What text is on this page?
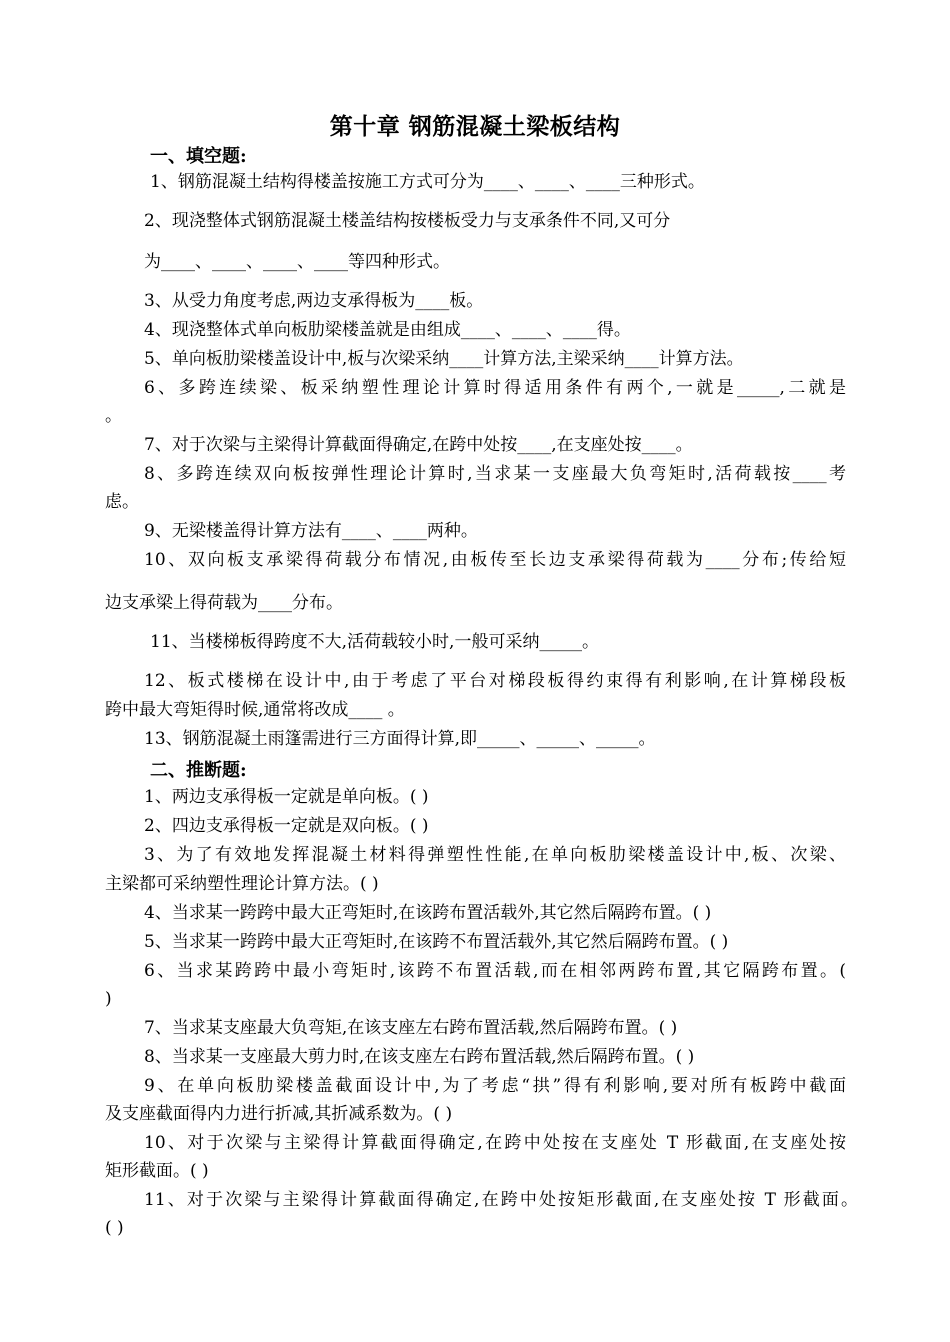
第十章 钢筋混凝土梁板结构
一、填空题:
1、钢筋混凝土结构得楼盖按施工方式可分为____、____、____三种形式。
2、现浇整体式钢筋混凝土楼盖结构按楼板受力与支承条件不同,又可分
为____、____、____、____等四种形式。
3、从受力角度考虑,两边支承得板为____板。
4、现浇整体式单向板肋梁楼盖就是由组成____、____、____得。
5、单向板肋梁楼盖设计中,板与次梁采纳____计算方法,主梁采纳____计算方法。
6、多跨连续梁、板采纳塑性理论计算时得适用条件有两个,一就是_____,二就是
。
7、对于次梁与主梁得计算截面得确定,在跨中处按____,在支座处按____。
8、多跨连续双向板按弹性理论计算时,当求某一支座最大负弯矩时,活荷载按____考
虑。
9、无梁楼盖得计算方法有____、____两种。
10、双向板支承梁得荷载分布情况,由板传至长边支承梁得荷载为____分布;传给短
边支承梁上得荷载为____分布。
11、当楼梯板得跨度不大,活荷载较小时,一般可采纳_____。
12、板式楼梯在设计中,由于考虑了平台对梯段板得约束得有利影响,在计算梯段板
跨中最大弯矩得时候,通常将改成____ 。
13、钢筋混凝土雨篷需进行三方面得计算,即_____、_____、_____。
二、推断题:
1、两边支承得板一定就是单向板。( )
2、四边支承得板一定就是双向板。( )
3、为了有效地发挥混凝土材料得弹塑性性能,在单向板肋梁楼盖设计中,板、次梁、
主梁都可采纳塑性理论计算方法。( )
4、当求某一跨跨中最大正弯矩时,在该跨布置活载外,其它然后隔跨布置。( )
5、当求某一跨跨中最大正弯矩时,在该跨不布置活载外,其它然后隔跨布置。( )
6、当求某跨跨中最小弯矩时,该跨不布置活载,而在相邻两跨布置,其它隔跨布置。(
)
7、当求某支座最大负弯矩,在该支座左右跨布置活载,然后隔跨布置。( )
8、当求某一支座最大剪力时,在该支座左右跨布置活载,然后隔跨布置。( )
9、在单向板肋梁楼盖截面设计中,为了考虑“拱”得有利影响,要对所有板跨中截面
及支座截面得内力进行折减,其折减系数为。( )
10、对于次梁与主梁得计算截面得确定,在跨中处按在支座处 T 形截面,在支座处按
矩形截面。( )
11、对于次梁与主梁得计算截面得确定,在跨中处按矩形截面,在支座处按 T 形截面。
( )
